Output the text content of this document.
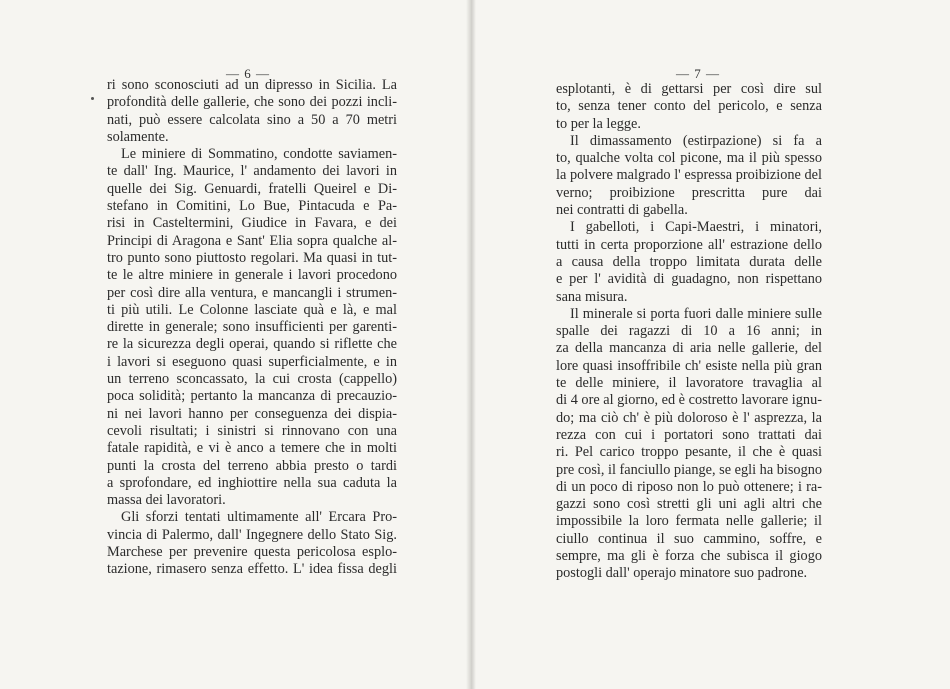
— 6 —
ri sono sconosciuti ad un dipresso in Sicilia. La
profondità delle gallerie, che sono dei pozzi incli-
nati, può essere calcolata sino a 50 a 70 metri
solamente.
Le miniere di Sommatino, condotte saviamen-
te dall' Ing. Maurice, l' andamento dei lavori in
quelle dei Sig. Genuardi, fratelli Queirel e Di-
stefano in Comitini, Lo Bue, Pintacuda e Pa-
risi in Casteltermini, Giudice in Favara, e dei
Principi di Aragona e Sant' Elia sopra qualche al-
tro punto sono piuttosto regolari. Ma quasi in tut-
te le altre miniere in generale i lavori procedono
per così dire alla ventura, e mancangli i strumen-
ti più utili. Le Colonne lasciate quà e là, e mal
dirette in generale; sono insufficienti per garenti-
re la sicurezza degli operai, quando si riflette che
i lavori si eseguono quasi superficialmente, e in
un terreno sconcassato, la cui crosta (cappello)
poca solidità; pertanto la mancanza di precauzio-
ni nei lavori hanno per conseguenza dei dispia-
cevoli risultati; i sinistri si rinnovano con una
fatale rapidità, e vi è anco a temere che in molti
punti la crosta del terreno abbia presto o tardi
a sprofondare, ed inghiottire nella sua caduta la
massa dei lavoratori.
Gli sforzi tentati ultimamente all' Ercara Pro-
vincia di Palermo, dall' Ingegnere dello Stato Sig.
Marchese per prevenire questa pericolosa esplo-
tazione, rimasero senza effetto. L' idea fissa degli
— 7 —
esplotanti, è di gettarsi per così dire sul
to, senza tener conto del pericolo, e senza
to per la legge.
Il dimassamento (estirpazione) si fa a
to, qualche volta col picone, ma il più spesso
la polvere malgrado l' espressa proibizione del
verno; proibizione prescritta pure dai
nei contratti di gabella.
I gabelloti, i Capi-Maestri, i minatori,
tutti in certa proporzione all' estrazione dello
a causa della troppo limitata durata delle
e per l' avidità di guadagno, non rispettano
sana misura.
Il minerale si porta fuori dalle miniere sulle
spalle dei ragazzi di 10 a 16 anni; in
za della mancanza di aria nelle gallerie, del
lore quasi insoffribile ch' esiste nella più gran
te delle miniere, il lavoratore travaglia al
di 4 ore al giorno, ed è costretto lavorare ignu-
do; ma ciò ch' è più doloroso è l' asprezza, la
rezza con cui i portatori sono trattati dai
ri. Pel carico troppo pesante, il che è quasi
pre così, il fanciullo piange, se egli ha bisogno
di un poco di riposo non lo può ottenere; i ra-
gazzi sono così stretti gli uni agli altri che
impossibile la loro fermata nelle gallerie; il
ciullo continua il suo cammino, soffre, e
sempre, ma gli è forza che subisca il giogo
postogli dall' operajo minatore suo padrone.
